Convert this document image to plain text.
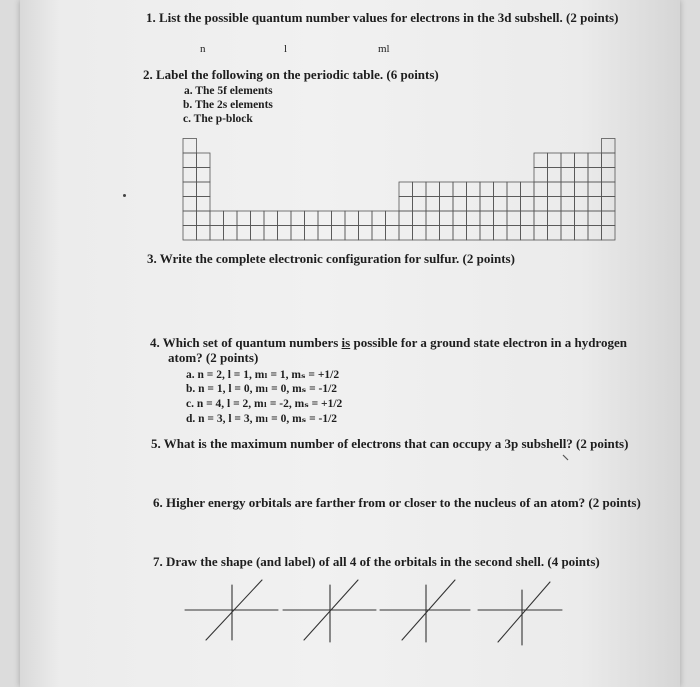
1. List the possible quantum number values for electrons in the 3d subshell. (2 points)
n	l	ml
2. Label the following on the periodic table. (6 points)
a. The 5f elements
b. The 2s elements
c. The p-block
3. Write the complete electronic configuration for sulfur. (2 points)
4. Which set of quantum numbers is possible for a ground state electron in a hydrogen
atom? (2 points)
a. n = 2, l = 1, mₗ = 1, mₛ = +1/2
b. n = 1, l = 0, mₗ = 0, mₛ = -1/2
c. n = 4, l = 2, mₗ = -2, mₛ = +1/2
d. n = 3, l = 3, mₗ = 0, mₛ = -1/2
5. What is the maximum number of electrons that can occupy a 3p subshell? (2 points)
6. Higher energy orbitals are farther from or closer to the nucleus of an atom? (2 points)
7. Draw the shape (and label) of all 4 of the orbitals in the second shell. (4 points)
